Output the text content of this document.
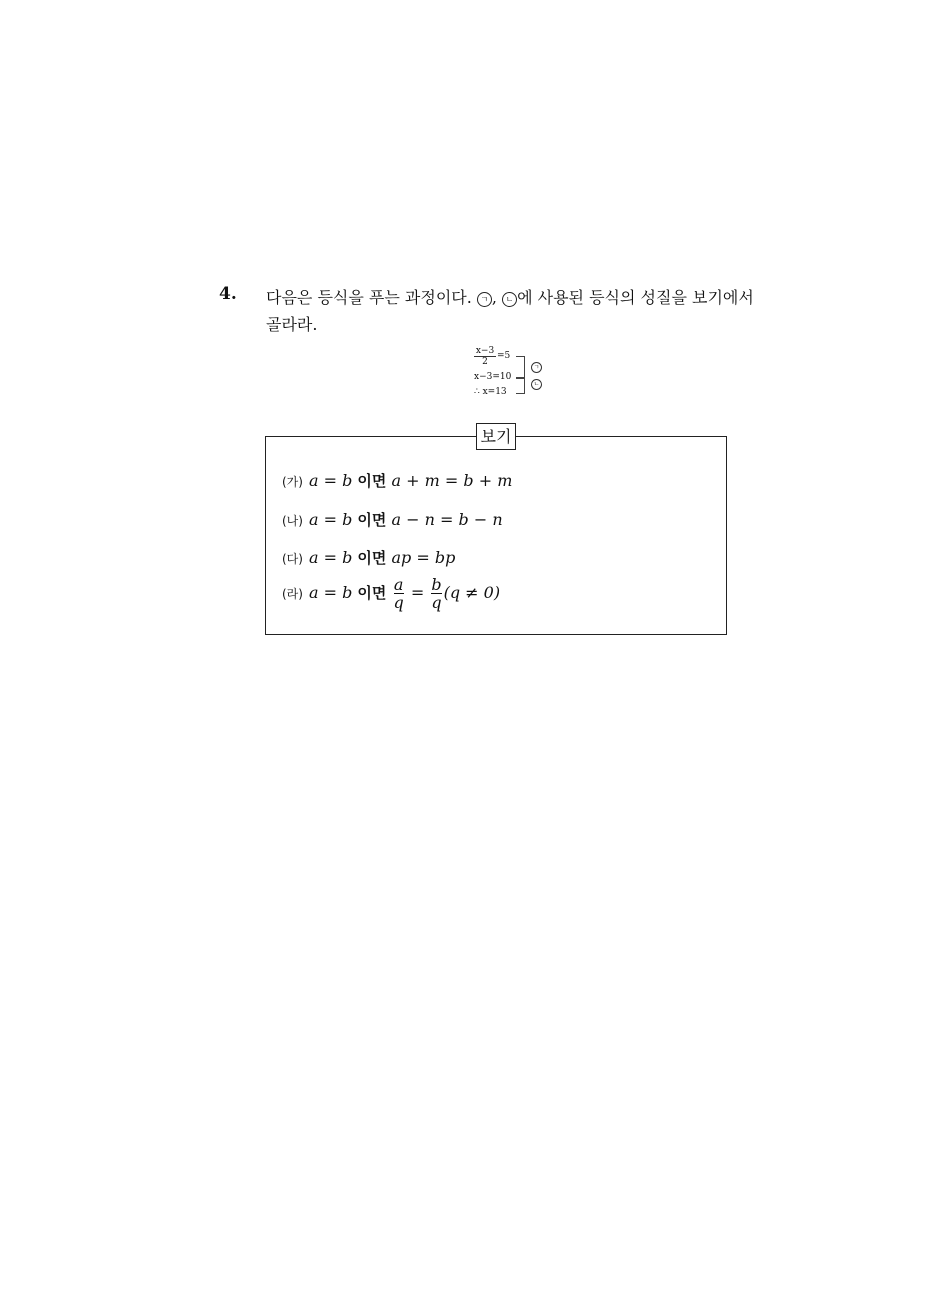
4. 다음은 등식을 푸는 과정이다. ㄱ , ㄴ 에 사용된 등식의 성질을 보기에서
골라라.
$\frac{x-3}{2} =5$
x−3=10
∴ x=13
ㄱ
ㄴ
보기
(가) a = b 이면 a + m = b + m
(나) a = b 이면 a − n = b − n
(다) a = b 이면 ap = bp
(라) a = b 이면 $\frac{a}{q} = \frac{b}{q} (q \ne 0)$
